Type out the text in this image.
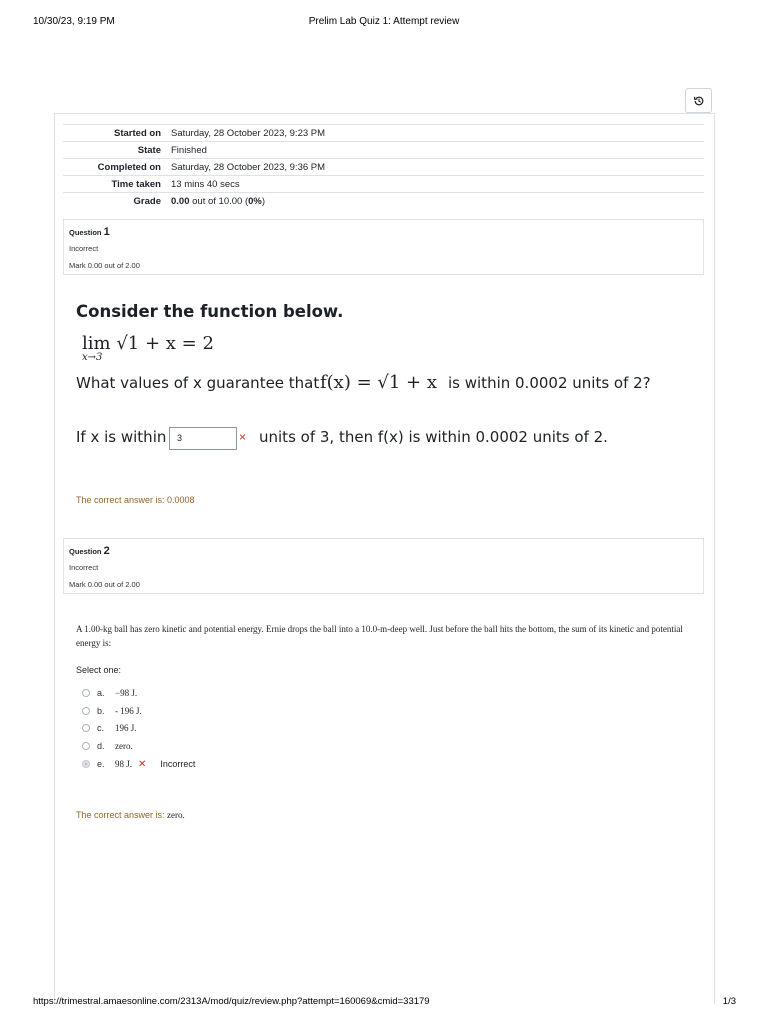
10/30/23, 9:19 PM	Prelim Lab Quiz 1: Attempt review
Started on	Saturday, 28 October 2023, 9:23 PM
State	Finished
Completed on	Saturday, 28 October 2023, 9:36 PM
Time taken	13 mins 40 secs
Grade	0.00 out of 10.00 (0%)
Question 1
Incorrect
Mark 0.00 out of 2.00
Consider the function below.
lim √1 + x = 2
x→3
What values of x guarantee that f(x) = √1 + x is within 0.0002 units of 2?
If x is within	3	× units of 3, then f(x) is within 0.0002 units of 2.
The correct answer is: 0.0008
Question 2
Incorrect
Mark 0.00 out of 2.00
A 1.00-kg ball has zero kinetic and potential energy. Ernie drops the ball into a 10.0-m-deep well. Just before the ball hits the bottom, the sum of its kinetic and potential energy is:
Select one:
a.	−98 J.
b.	- 196 J.
c.	196 J.
d.	zero.
e.	98 J. ✕ Incorrect
The correct answer is: zero.
https://trimestral.amaesonline.com/2313A/mod/quiz/review.php?attempt=160069&cmid=33179	1/3
